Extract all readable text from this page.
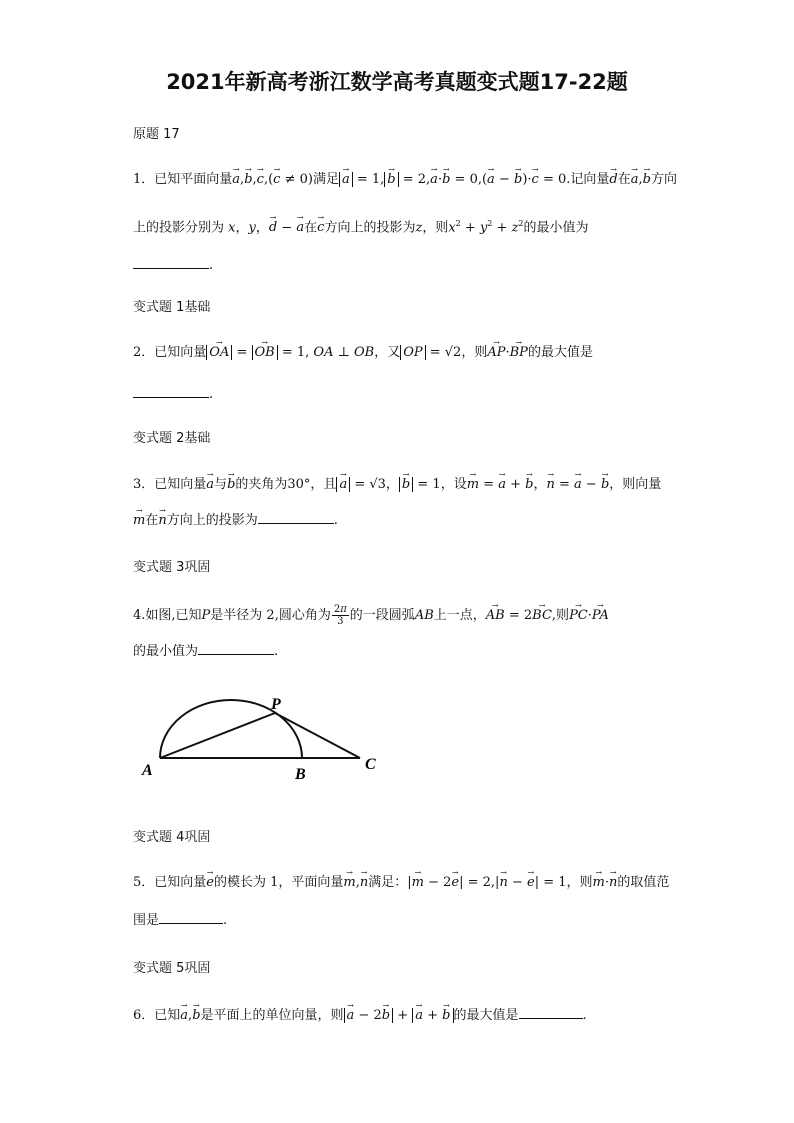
2021年新高考浙江数学高考真题变式题17-22题
原题 17
1．已知平面向量→ a,→ b,→ c,(→ c ≠ 0)满足 → a = 1, → b = 2,→ a·→ b = 0,(→ a − → b)·→ c = 0.记向量→ d在→ a,→ b方向
上的投影分别为 x，y，→ d − → a在→ c方向上的投影为z，则$x^2 + y^2 + z^2$的最小值为
.
变式题 1基础
2．已知向量 → OA = → OB = 1, OA ⊥ OB，又 OP = √2，则→ AP·→ BP的最大值是
.
变式题 2基础
3．已知向量→ a与→ b的夹角为30°，且 → a = √3， → b = 1，设→ m = → a + → b，→ n = → a − → b，则向量
→ m在→ n方向上的投影为	.
变式题 3巩固
4.如图,已知P是半径为 2,圆心角为 $\frac{2\pi}{3}$ 的一段圆弧AB上一点，→ AB = 2→ BC,则→ PC·→ PA
的最小值为	.
A	B
C
P
变式题 4巩固
5．已知向量→ e的模长为 1，平面向量→ m,→ n满足：|→ m − 2→ e| = 2,|→ n − → e| = 1，则→ m·→ n的取值范
围是	.
变式题 5巩固
6．已知→ a,→ b是平面上的单位向量，则 → a − 2→ b + → a + → b 的最大值是	.
